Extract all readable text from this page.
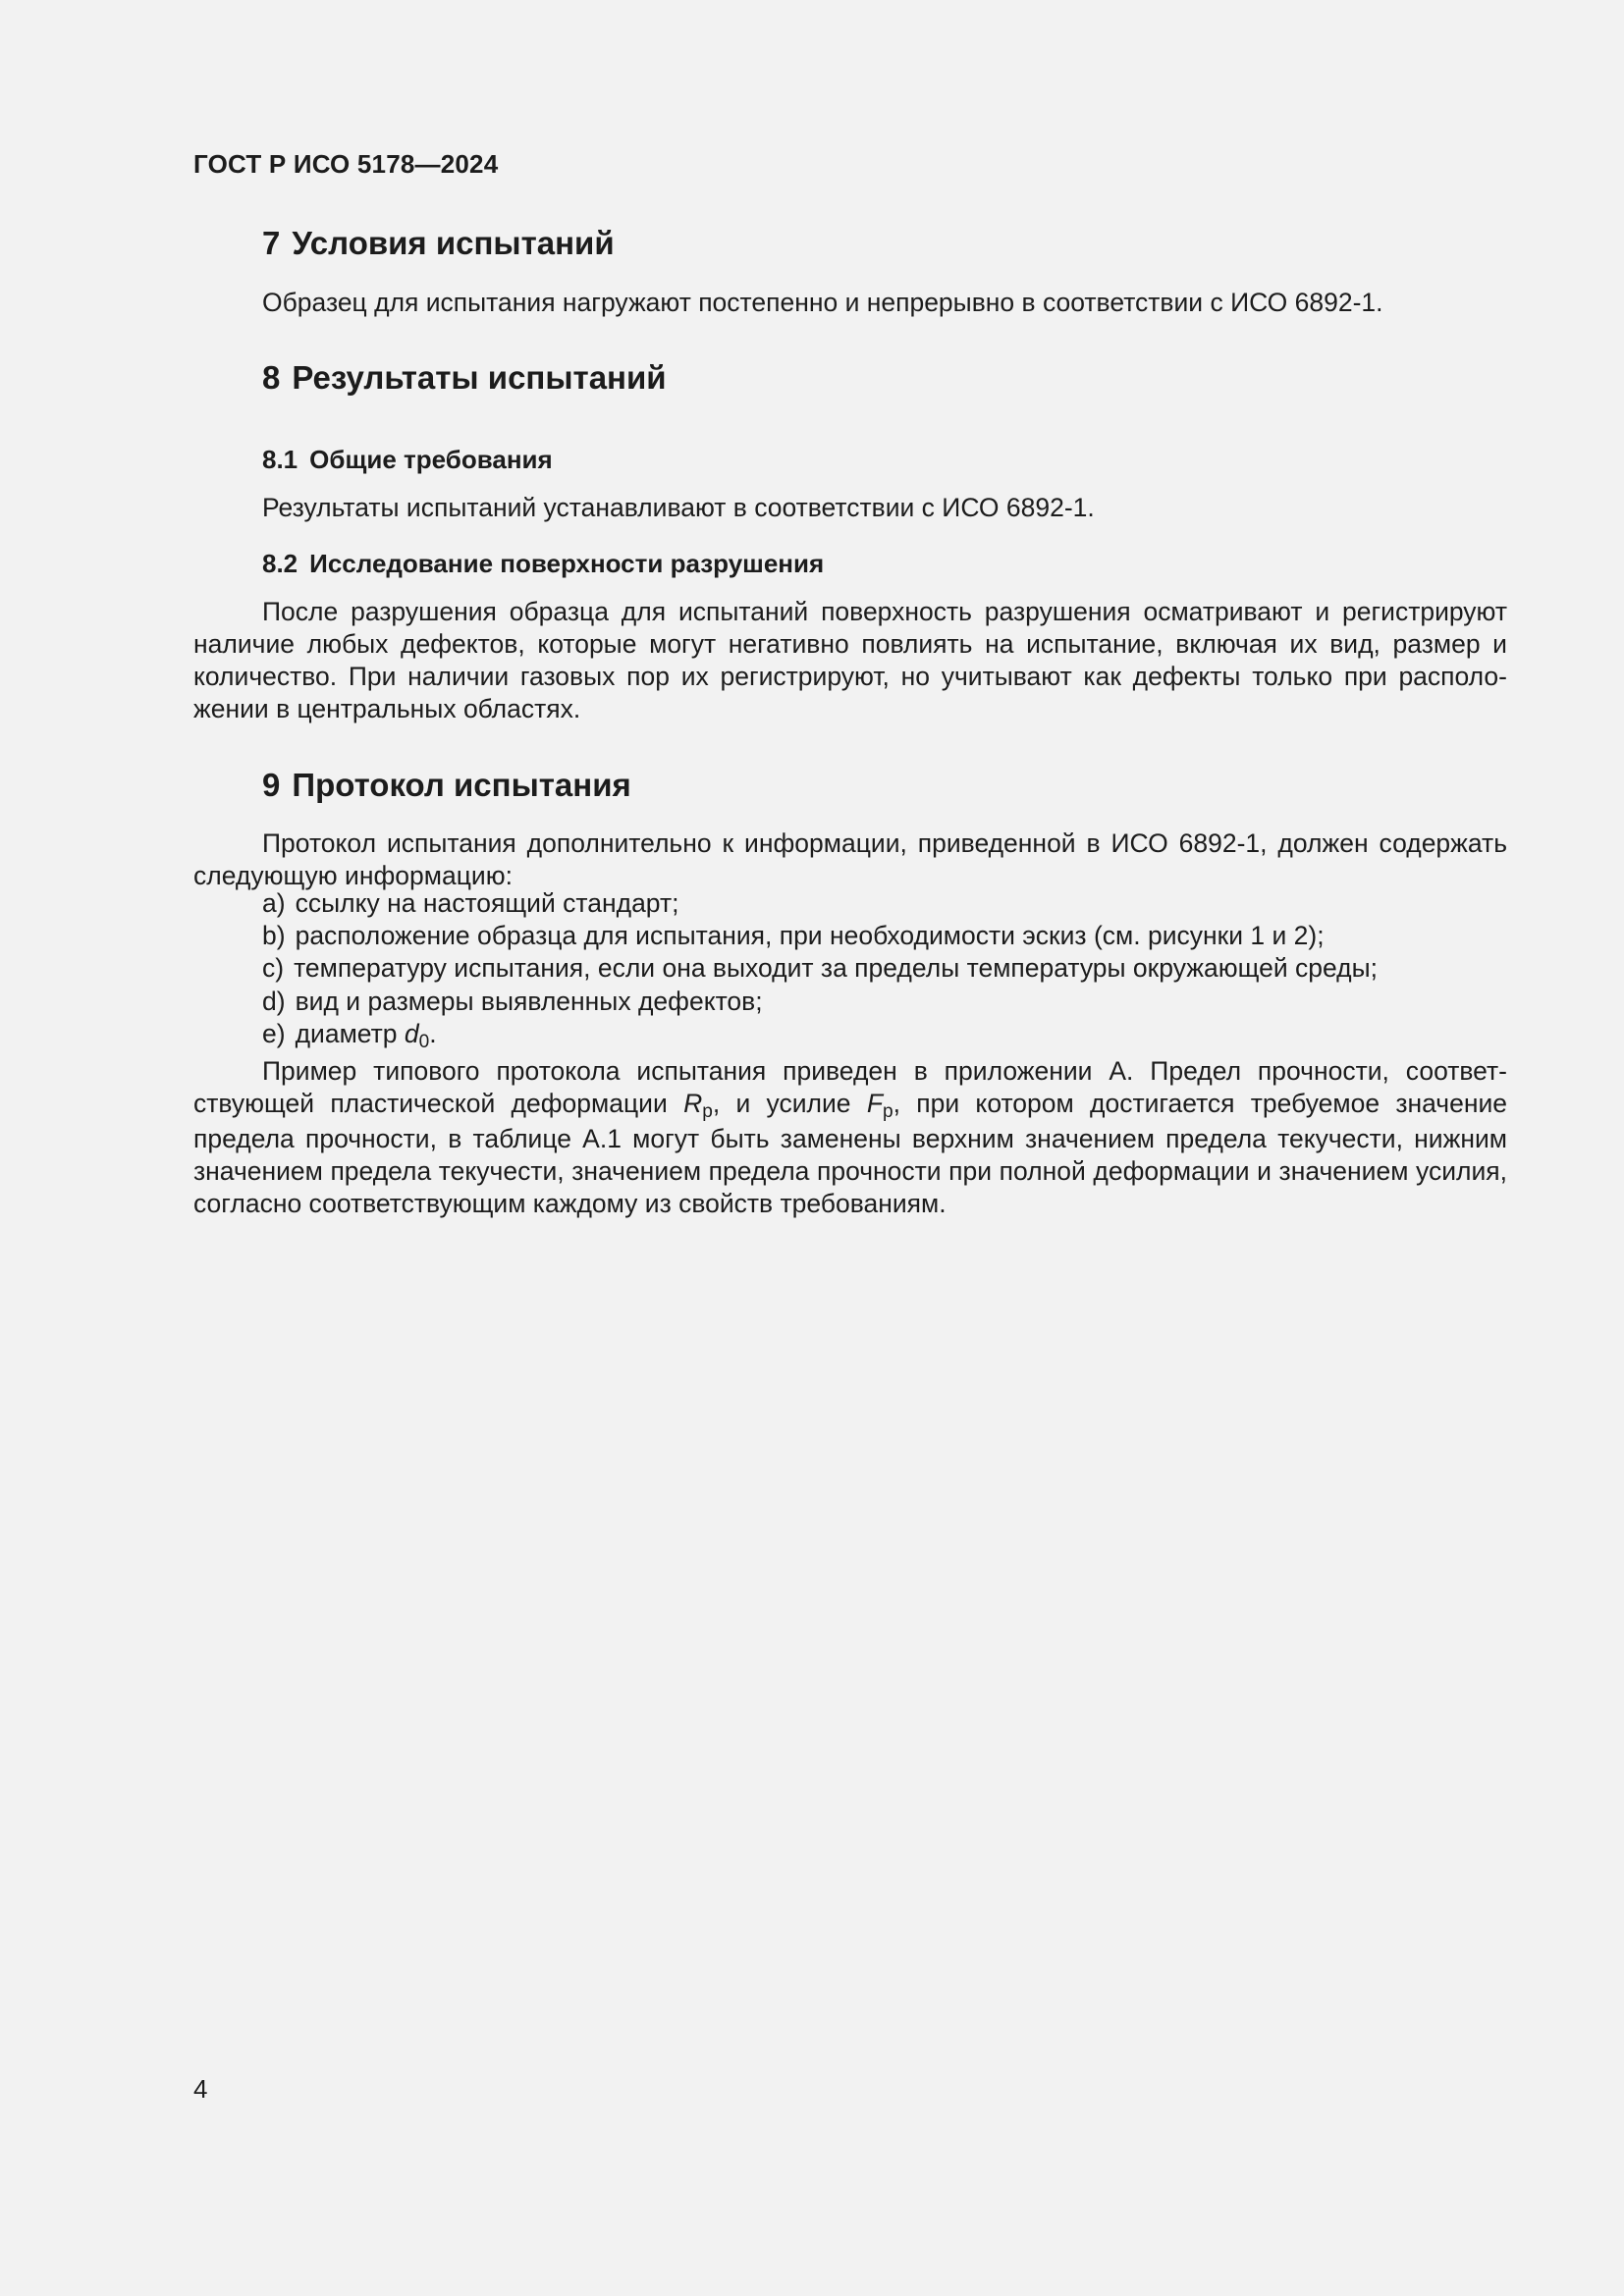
ГОСТ Р ИСО 5178—2024
7 Условия испытаний
Образец для испытания нагружают постепенно и непрерывно в соответствии с ИСО 6892-1.
8 Результаты испытаний
8.1 Общие требования
Результаты испытаний устанавливают в соответствии с ИСО 6892-1.
8.2 Исследование поверхности разрушения
После разрушения образца для испытаний поверхность разрушения осматривают и регистрируют наличие любых дефектов, которые могут негативно повлиять на испытание, включая их вид, размер и количество. При наличии газовых пор их регистрируют, но учитывают как дефекты только при расположении в центральных областях.
9 Протокол испытания
Протокол испытания дополнительно к информации, приведенной в ИСО 6892-1, должен содержать следующую информацию:
a) ссылку на настоящий стандарт;
b) расположение образца для испытания, при необходимости эскиз (см. рисунки 1 и 2);
c) температуру испытания, если она выходит за пределы температуры окружающей среды;
d) вид и размеры выявленных дефектов;
e) диаметр $d_0$.
Пример типового протокола испытания приведен в приложении А. Предел прочности, соответствующей пластической деформации $R_p$, и усилие $F_p$, при котором достигается требуемое значение предела прочности, в таблице А.1 могут быть заменены верхним значением предела текучести, нижним значением предела текучести, значением предела прочности при полной деформации и значением усилия, согласно соответствующим каждому из свойств требованиям.
4
